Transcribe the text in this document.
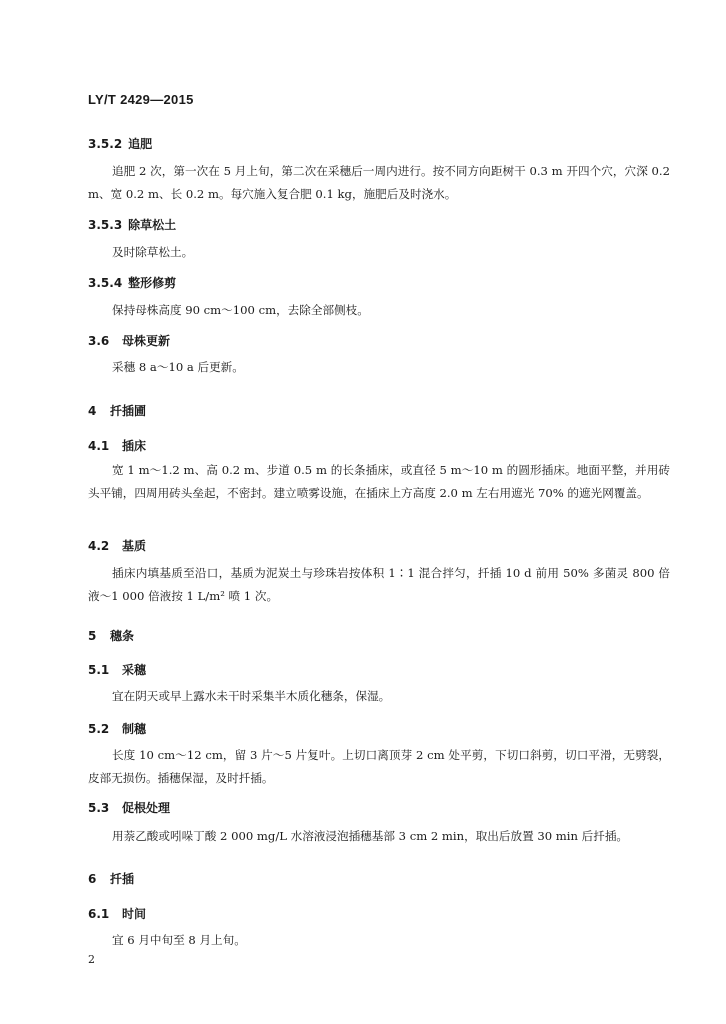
LY/T 2429—2015
3.5.2 追肥
追肥 2 次，第一次在 5 月上旬，第二次在采穗后一周内进行。按不同方向距树干 0.3 m 开四个穴，穴深 0.2 m、宽 0.2 m、长 0.2 m。每穴施入复合肥 0.1 kg，施肥后及时浇水。
3.5.3 除草松土
及时除草松土。
3.5.4 整形修剪
保持母株高度 90 cm～100 cm，去除全部侧枝。
3.6 母株更新
采穗 8 a～10 a 后更新。
4 扦插圃
4.1 插床
宽 1 m～1.2 m、高 0.2 m、步道 0.5 m 的长条插床，或直径 5 m～10 m 的圆形插床。地面平整，并用砖头平铺，四周用砖头垒起，不密封。建立喷雾设施，在插床上方高度 2.0 m 左右用遮光 70% 的遮光网覆盖。
4.2 基质
插床内填基质至沿口，基质为泥炭土与珍珠岩按体积 1∶1 混合拌匀，扦插 10 d 前用 50% 多菌灵 800 倍液～1 000 倍液按 1 L/m² 喷 1 次。
5 穗条
5.1 采穗
宜在阴天或早上露水未干时采集半木质化穗条，保湿。
5.2 制穗
长度 10 cm～12 cm，留 3 片～5 片复叶。上切口离顶芽 2 cm 处平剪，下切口斜剪，切口平滑，无劈裂，皮部无损伤。插穗保湿，及时扦插。
5.3 促根处理
用萘乙酸或吲哚丁酸 2 000 mg/L 水溶液浸泡插穗基部 3 cm 2 min，取出后放置 30 min 后扦插。
6 扦插
6.1 时间
宜 6 月中旬至 8 月上旬。
2
